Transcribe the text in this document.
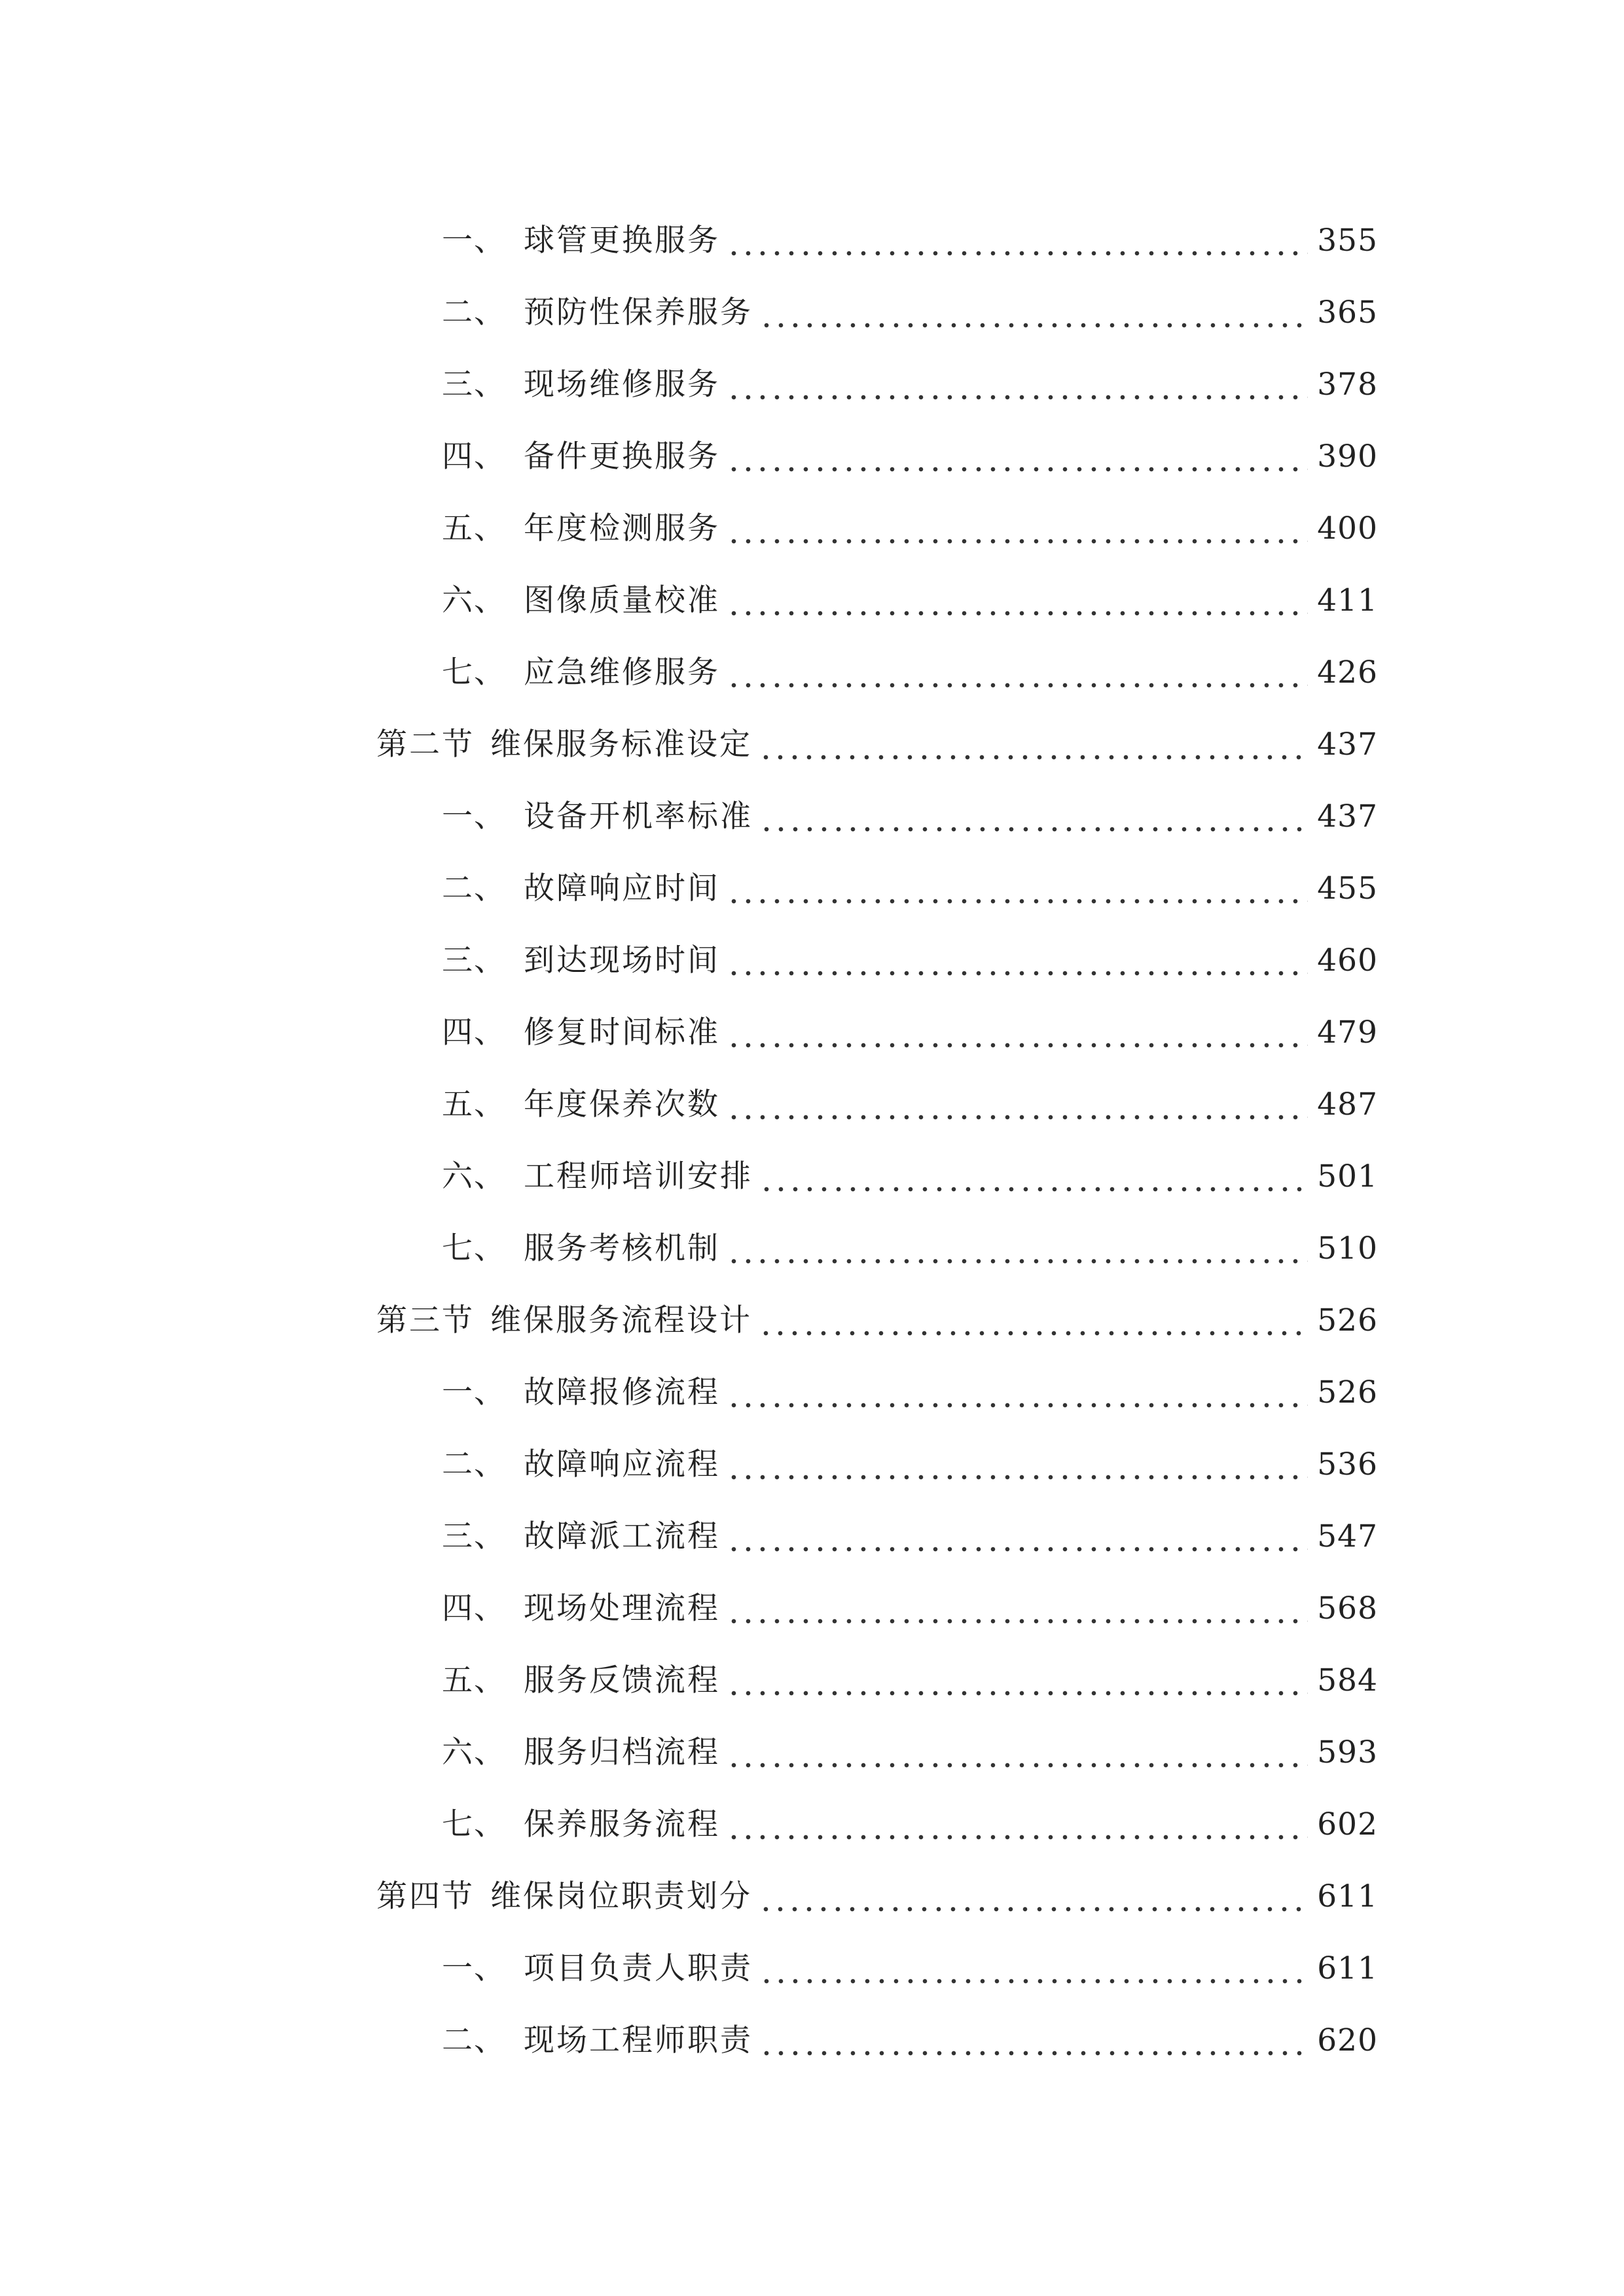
一、 球管更换服务	355
二、 预防性保养服务	365
三、 现场维修服务	378
四、 备件更换服务	390
五、 年度检测服务	400
六、 图像质量校准	411
七、 应急维修服务	426
第二节 维保服务标准设定	437
一、 设备开机率标准	437
二、 故障响应时间	455
三、 到达现场时间	460
四、 修复时间标准	479
五、 年度保养次数	487
六、 工程师培训安排	501
七、 服务考核机制	510
第三节 维保服务流程设计	526
一、 故障报修流程	526
二、 故障响应流程	536
三、 故障派工流程	547
四、 现场处理流程	568
五、 服务反馈流程	584
六、 服务归档流程	593
七、 保养服务流程	602
第四节 维保岗位职责划分	611
一、 项目负责人职责	611
二、 现场工程师职责	620
